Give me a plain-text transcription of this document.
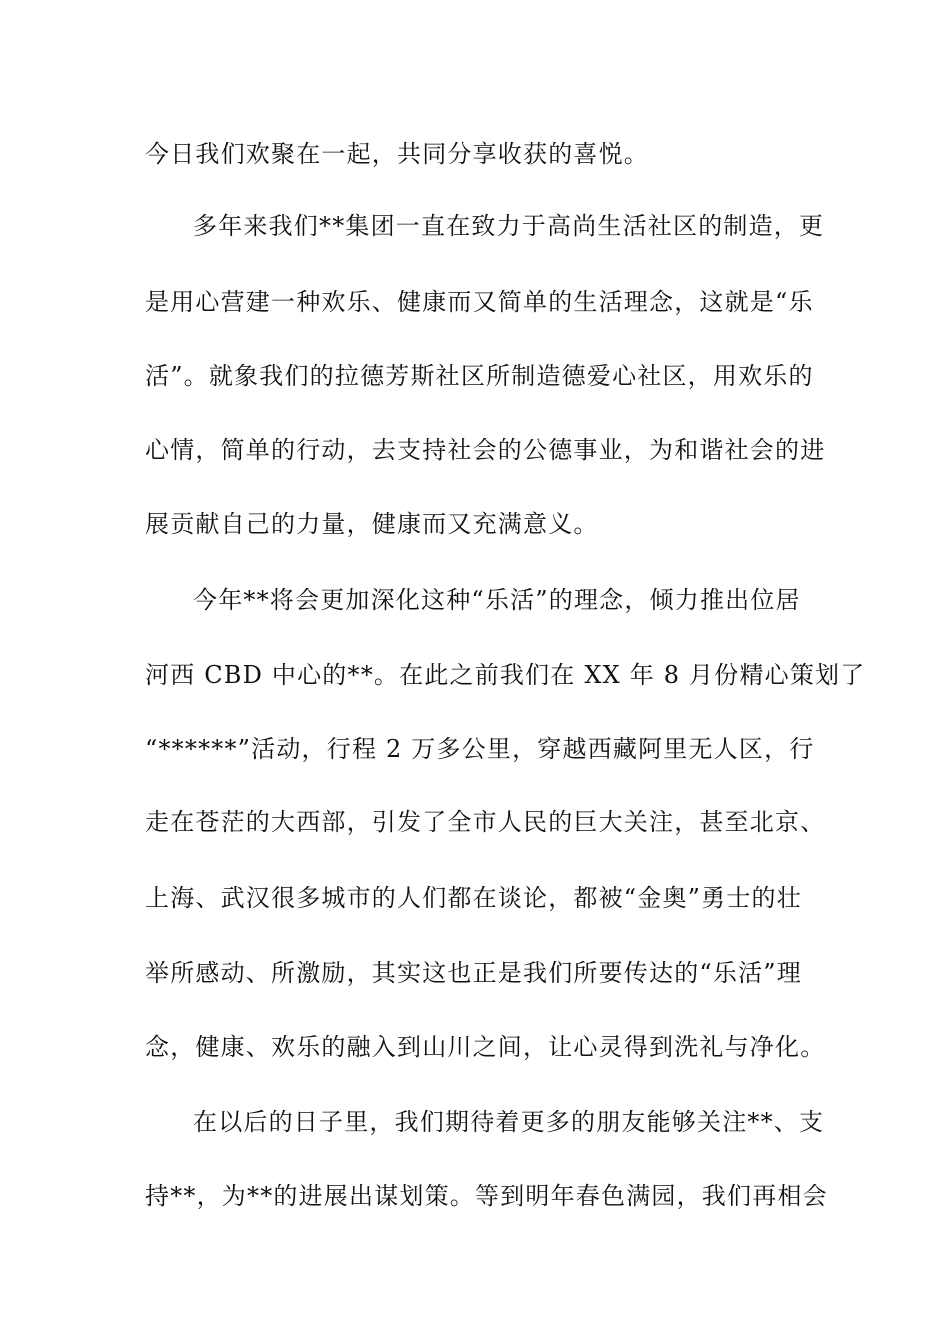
今日我们欢聚在一起，共同分享收获的喜悦。
多年来我们**集团一直在致力于高尚生活社区的制造，更
是用心营建一种欢乐、健康而又简单的生活理念，这就是“乐
活”。就象我们的拉德芳斯社区所制造德爱心社区，用欢乐的
心情，简单的行动，去支持社会的公德事业，为和谐社会的进
展贡献自己的力量，健康而又充满意义。
今年**将会更加深化这种“乐活”的理念，倾力推出位居
河西 CBD 中心的**。在此之前我们在 XX 年 8 月份精心策划了
“******”活动，行程 2 万多公里，穿越西藏阿里无人区，行
走在苍茫的大西部，引发了全市人民的巨大关注，甚至北京、
上海、武汉很多城市的人们都在谈论，都被“金奥”勇士的壮
举所感动、所激励，其实这也正是我们所要传达的“乐活”理
念，健康、欢乐的融入到山川之间，让心灵得到洗礼与净化。
在以后的日子里，我们期待着更多的朋友能够关注**、支
持**，为**的进展出谋划策。等到明年春色满园，我们再相会
